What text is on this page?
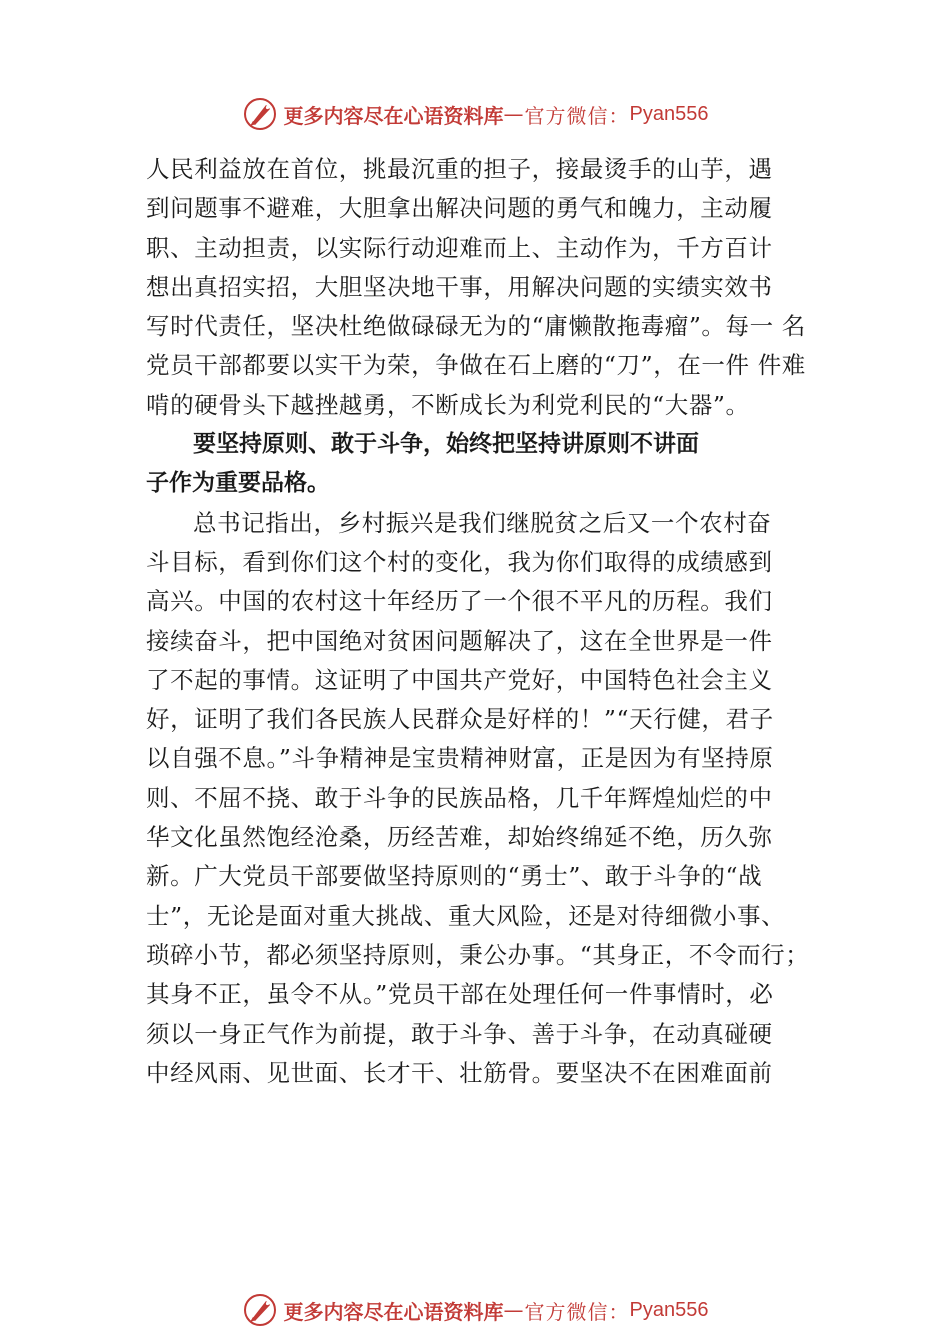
更多内容尽在心语资料库 — 官方微信： Pyan556
人民利益放在首位，挑最沉重的担子，接最烫手的山芋，遇
到问题事不避难，大胆拿出解决问题的勇气和魄力，主动履
职、主动担责，以实际行动迎难而上、主动作为，千方百计
想出真招实招，大胆坚决地干事，用解决问题的实绩实效书
写时代责任，坚决杜绝做碌碌无为的“庸懒散拖毒瘤”。每一 名
党员干部都要以实干为荣，争做在石上磨的“刀”，在一件 件难
啃的硬骨头下越挫越勇，不断成长为利党利民的“大器”。
要坚持原则、敢于斗争，始终把坚持讲原则不讲面
子作为重要品格。
总书记指出，乡村振兴是我们继脱贫之后又一个农村奋
斗目标，看到你们这个村的变化，我为你们取得的成绩感到
高兴。中国的农村这十年经历了一个很不平凡的历程。我们
接续奋斗，把中国绝对贫困问题解决了，这在全世界是一件
了不起的事情。这证明了中国共产党好，中国特色社会主义
好，证明了我们各民族人民群众是好样的！”“天行健，君子
以自强不息。”斗争精神是宝贵精神财富，正是因为有坚持原
则、不屈不挠、敢于斗争的民族品格，几千年辉煌灿烂的中
华文化虽然饱经沧桑，历经苦难，却始终绵延不绝，历久弥
新。广大党员干部要做坚持原则的“勇士”、敢于斗争的“战
士”，无论是面对重大挑战、重大风险，还是对待细微小事、
琐碎小节，都必须坚持原则，秉公办事。“其身正，不令而行；
其身不正，虽令不从。”党员干部在处理任何一件事情时，必
须以一身正气作为前提，敢于斗争、善于斗争，在动真碰硬
中经风雨、见世面、长才干、壮筋骨。要坚决不在困难面前
更多内容尽在心语资料库 — 官方微信： Pyan556
